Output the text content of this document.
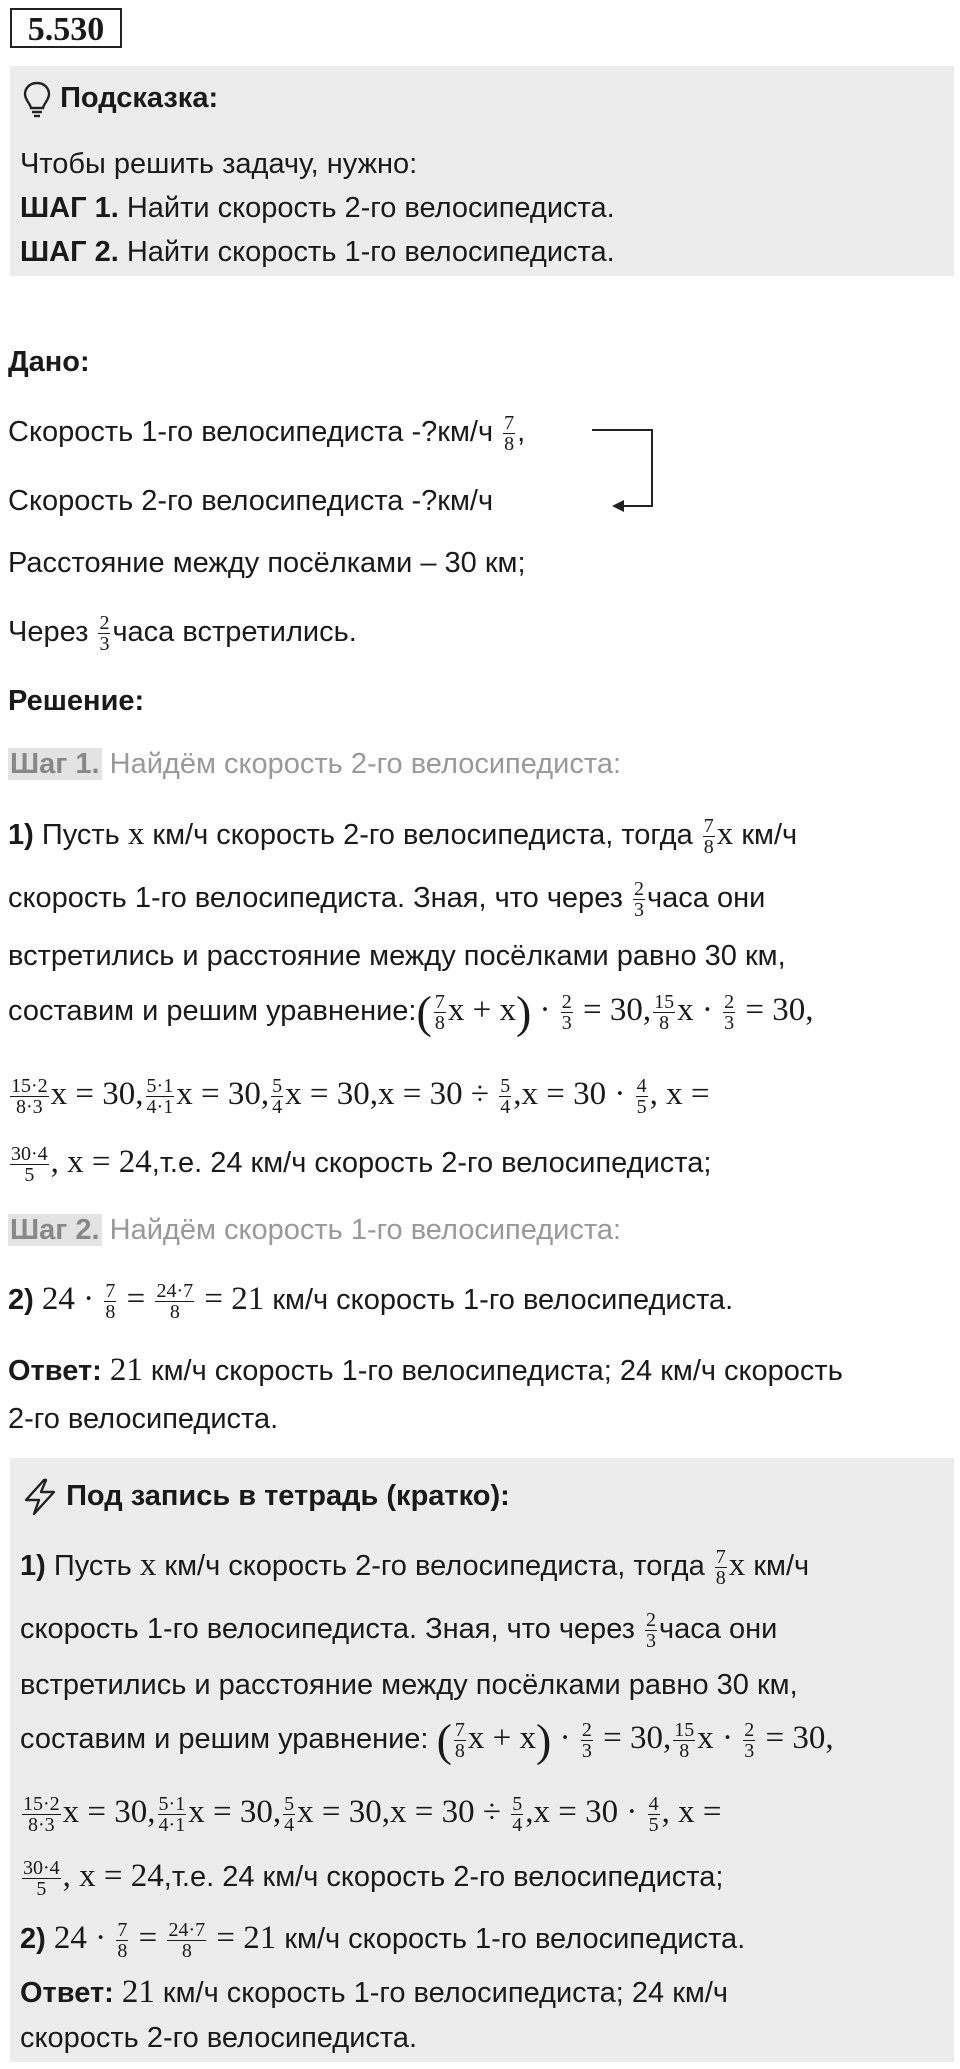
5.530
Подсказка:
Чтобы решить задачу, нужно:
ШАГ 1. Найти скорость 2-го велосипедиста.
ШАГ 2. Найти скорость 1-го велосипедиста.
Дано:
Скорость 1-го велосипедиста -?км/ч $\frac{7}{8}$ ,
Скорость 2-го велосипедиста -?км/ч
Расстояние между посёлками – 30 км;
Через $\frac{2}{3}$ часа встретились.
Решение:
Шаг 1. Найдём скорость 2-го велосипедиста:
1) Пусть x км/ч скорость 2-го велосипедиста, тогда $\frac{7}{8}$ x км/ч
скорость 1-го велосипедиста. Зная, что через $\frac{2}{3}$ часа они
встретились и расстояние между посёлками равно 30 км,
составим и решим уравнение:( $\frac{7}{8}$ $x + x) \cdot \frac{2}{3} = 30$, $\frac{15}{8}$ $x \cdot \frac{2}{3} = 30$,
$\frac{15\cdot 2}{8\cdot 3}$ x = 30, $\frac{5\cdot 1}{4\cdot 1}$ x = 30, $\frac{5}{4}$ $x = 30,x = 30 \div \frac{5}{4} ,x = 30 \cdot \frac{4}{5}$ , x =
$\frac{30\cdot 4}{5}$ , x = 24,т.е. 24 км/ч скорость 2-го велосипедиста;
Шаг 2. Найдём скорость 1-го велосипедиста:
2) $24 \cdot \frac{7}{8} = \frac{24\cdot 7}{8} = 21$ км/ч скорость 1-го велосипедиста.
Ответ: 21 км/ч скорость 1-го велосипедиста; 24 км/ч скорость
2-го велосипедиста.
Под запись в тетрадь (кратко):
1) Пусть x км/ч скорость 2-го велосипедиста, тогда $\frac{7}{8}$ x км/ч
скорость 1-го велосипедиста. Зная, что через $\frac{2}{3}$ часа они
встретились и расстояние между посёлками равно 30 км,
составим и решим уравнение: ( $\frac{7}{8}$ $x + x) \cdot \frac{2}{3} = 30$, $\frac{15}{8}$ $x \cdot \frac{2}{3} = 30$,
$\frac{15\cdot 2}{8\cdot 3}$ x = 30, $\frac{5\cdot 1}{4\cdot 1}$ x = 30, $\frac{5}{4}$ $x = 30,x = 30 \div \frac{5}{4} ,x = 30 \cdot \frac{4}{5}$ , x =
$\frac{30\cdot 4}{5}$ , x = 24,т.е. 24 км/ч скорость 2-го велосипедиста;
2) $24 \cdot \frac{7}{8} = \frac{24\cdot 7}{8} = 21$ км/ч скорость 1-го велосипедиста.
Ответ: 21 км/ч скорость 1-го велосипедиста; 24 км/ч
скорость 2-го велосипедиста.
